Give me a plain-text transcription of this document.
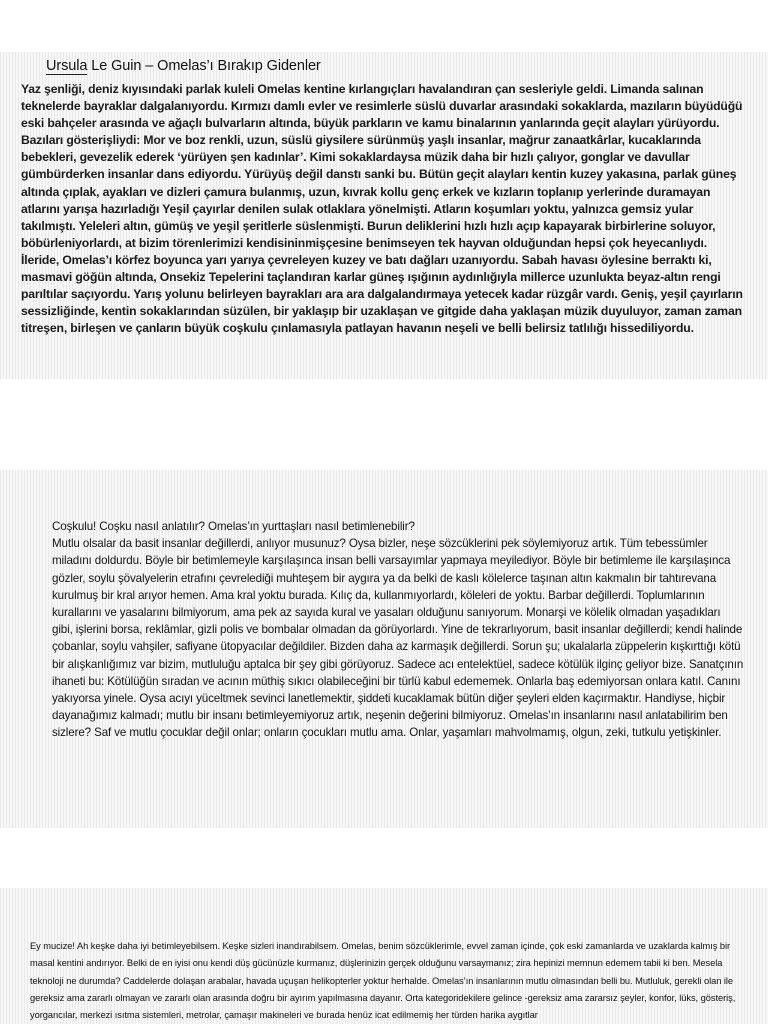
Ursula Le Guin – Omelas’ı Bırakıp Gidenler

Yaz şenliği, deniz kıyısındaki parlak kuleli Omelas kentine kırlangıçları havalandıran çan sesleriyle geldi. Limanda salınan teknelerde bayraklar dalgalanıyordu. Kırmızı damlı evler ve resimlerle süslü duvarlar arasındaki sokaklarda, mazıların büyüdüğü eski bahçeler arasında ve ağaçlı bulvarların altında, büyük parkların ve kamu binalarının yanlarında geçit alayları yürüyordu. Bazıları gösterişliydi: Mor ve boz renkli, uzun, süslü giysilere sürünmüş yaşlı insanlar, mağrur zanaatkârlar, kucaklarında bebekleri, gevezelik ederek ‘yürüyen şen kadınlar’. Kimi sokaklardaysa müzik daha bir hızlı çalıyor, gonglar ve davullar gümbürderken insanlar dans ediyordu. Yürüyüş değil danstı sanki bu. Bütün geçit alayları kentin kuzey yakasına, parlak güneş altında çıplak, ayakları ve dizleri çamura bulanmış, uzun, kıvrak kollu genç erkek ve kızların toplanıp yerlerinde duramayan atlarını yarışa hazırladığı Yeşil çayırlar denilen sulak otlaklara yönelmişti. Atların koşumları yoktu, yalnızca gemsiz yular takılmıştı. Yeleleri altın, gümüş ve yeşil şeritlerle süslenmişti. Burun deliklerini hızlı hızlı açıp kapayarak birbirlerine soluyor, böbürleniyorlardı, at bizim törenlerimizi kendisininmişçesine benimseyen tek hayvan olduğundan hepsi çok heyecanlıydı. İleride, Omelas’ı körfez boyunca yarı yarıya çevreleyen kuzey ve batı dağları uzanıyordu. Sabah havası öylesine berraktı ki, masmavi göğün altında, Onsekiz Tepelerini taçlandıran karlar güneş ışığının aydınlığıyla millerce uzunlukta beyaz-altın rengi parıltılar saçıyordu. Yarış yolunu belirleyen bayrakları ara ara dalgalandırmaya yetecek kadar rüzgâr vardı. Geniş, yeşil çayırların sessizliğinde, kentin sokaklarından süzülen, bir yaklaşıp bir uzaklaşan ve gitgide daha yaklaşan müzik duyuluyor, zaman zaman titreşen, birleşen ve çanların büyük coşkulu çınlamasıyla patlayan havanın neşeli ve belli belirsiz tatlılığı hissediliyordu.

Coşkulu! Coşku nasıl anlatılır? Omelas’ın yurttaşları nasıl betimlenebilir?

Mutlu olsalar da basit insanlar değillerdi, anlıyor musunuz? Oysa bizler, neşe sözcüklerini pek söylemiyoruz artık. Tüm tebessümler miladını doldurdu. Böyle bir betimlemeyle karşılaşınca insan belli varsayımlar yapmaya meyilediyor. Böyle bir betimleme ile karşılaşınca gözler, soylu şövalyelerin etrafını çevrelediği muhteşem bir aygıra ya da belki de kaslı kölelerce taşınan altın kakmalın bir tahtırevana kurulmuş bir kral arıyor hemen. Ama kral yoktu burada. Kılıç da, kullanmıyorlardı, köleleri de yoktu. Barbar değillerdi. Toplumlarının kurallarını ve yasalarını bilmiyorum, ama pek az sayıda kural ve yasaları olduğunu sanıyorum. Monarşi ve kölelik olmadan yaşadıkları gibi, işlerini borsa, reklâmlar, gizli polis ve bombalar olmadan da görüyorlardı. Yine de tekrarlıyorum, basit insanlar değillerdi; kendi halinde çobanlar, soylu vahşiler, safiyane ütopyacılar değildiler. Bizden daha az karmaşık değillerdi. Sorun şu; ukalalarla züppelerin kışkırttığı kötü bir alışkanlığımız var bizim, mutluluğu aptalca bir şey gibi görüyoruz. Sadece acı entelektüel, sadece kötülük ilginç geliyor bize. Sanatçının ihaneti bu: Kötülüğün sıradan ve acının müthiş sıkıcı olabileceğini bir türlü kabul edememek. Onlarla baş edemiyorsan onlara katıl. Canını yakıyorsa yinele. Oysa acıyı yüceltmek sevinci lanetlemektir, şiddeti kucaklamak bütün diğer şeyleri elden kaçırmaktır. Handiyse, hiçbir dayanağımız kalmadı; mutlu bir insanı betimleyemiyoruz artık, neşenin değerini bilmiyoruz. Omelas’ın insanlarını nasıl anlatabilirim ben sizlere? Saf ve mutlu çocuklar değil onlar; onların çocukları mutlu ama. Onlar, yaşamları mahvolmamış, olgun, zeki, tutkulu yetişkinler.

Ey mucize! Ah keşke daha iyi betimleyebilsem. Keşke sizleri inandırabilsem. Omelas, benim sözcüklerimle, evvel zaman içinde, çok eski zamanlarda ve uzaklarda kalmış bir masal kentini andırıyor. Belki de en iyisi onu kendi düş gücünüzle kurmanız, düşlerinizin gerçek olduğunu varsaymanız; zira hepinizi memnun edemem tabii ki ben. Mesela teknoloji ne durumda? Caddelerde dolaşan arabalar, havada uçuşan helikopterler yoktur herhalde. Omelas’ın insanlarının mutlu olmasından belli bu. Mutluluk, gerekli olan ile gereksiz ama zararlı olmayan ve zararlı olan arasında doğru bir ayırım yapılmasına dayanır. Orta kategoridekilere gelince -gereksiz ama zararsız şeyler, konfor, lüks, gösteriş, yorgancılar, merkezi ısıtma sistemleri, metrolar, çamaşır makineleri ve burada henüz icat edilmemiş her türden harika aygıtlar
